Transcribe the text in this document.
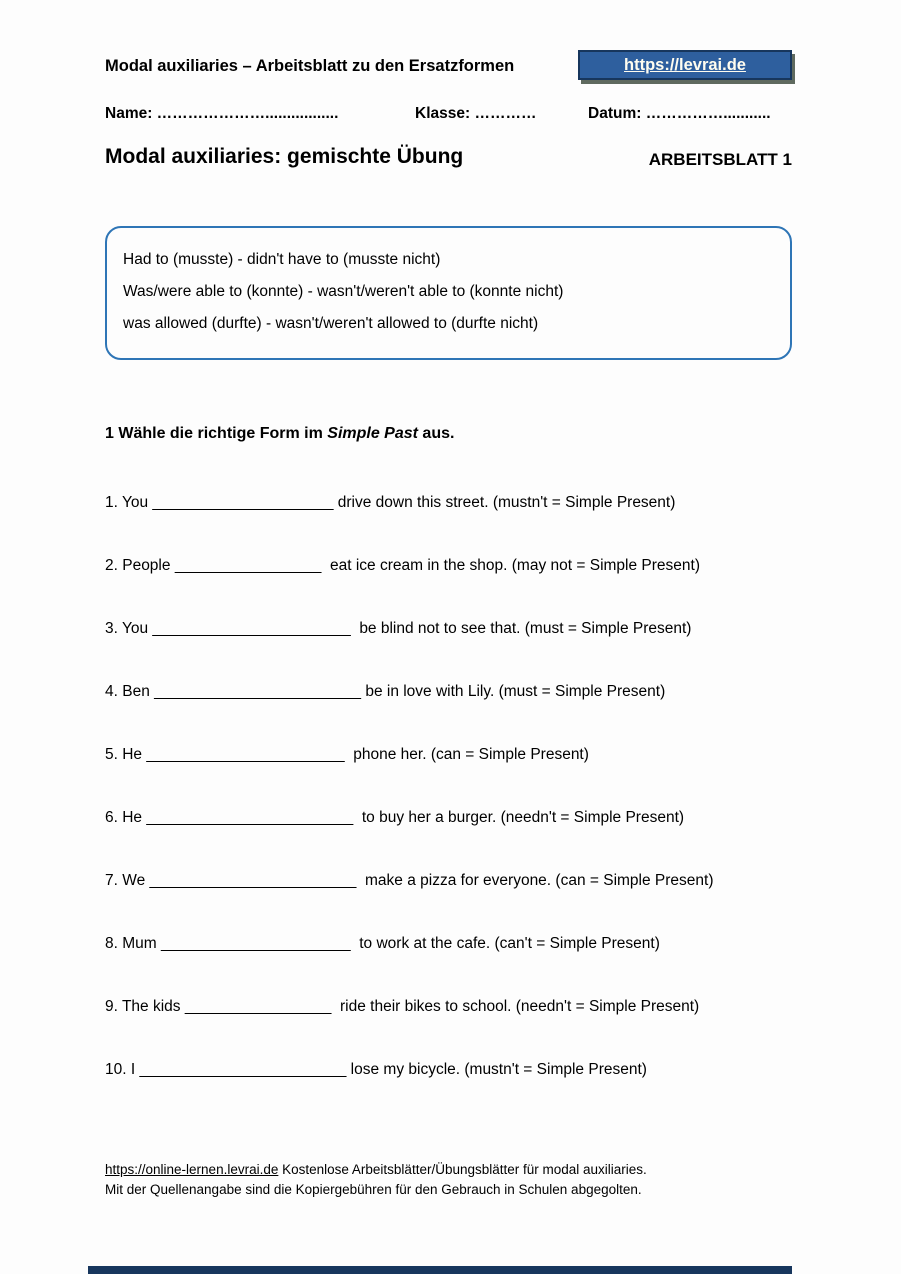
Modal auxiliaries – Arbeitsblatt zu den Ersatzformen	https://levrai.de
Name: ………………….................	Klasse: …………	Datum: ……………...........
Modal auxiliaries: gemischte Übung	ARBEITSBLATT 1
Had to (musste) - didn't have to (musste nicht)
Was/were able to (konnte) - wasn't/weren't able to (konnte nicht)
was allowed (durfte) - wasn't/weren't allowed to (durfte nicht)
1 Wähle die richtige Form im Simple Past aus.
1. You _____________________ drive down this street. (mustn't = Simple Present)
2. People _________________  eat ice cream in the shop. (may not = Simple Present)
3. You _______________________  be blind not to see that. (must = Simple Present)
4. Ben ________________________ be in love with Lily. (must = Simple Present)
5. He _______________________  phone her. (can = Simple Present)
6. He ________________________  to buy her a burger. (needn't = Simple Present)
7. We ________________________  make a pizza for everyone. (can = Simple Present)
8. Mum ______________________  to work at the cafe. (can't = Simple Present)
9. The kids _________________  ride their bikes to school. (needn't = Simple Present)
10. I ________________________ lose my bicycle. (mustn't = Simple Present)
https://online-lernen.levrai.de Kostenlose Arbeitsblätter/Übungsblätter für modal auxiliaries.
Mit der Quellenangabe sind die Kopiergebühren für den Gebrauch in Schulen abgegolten.
